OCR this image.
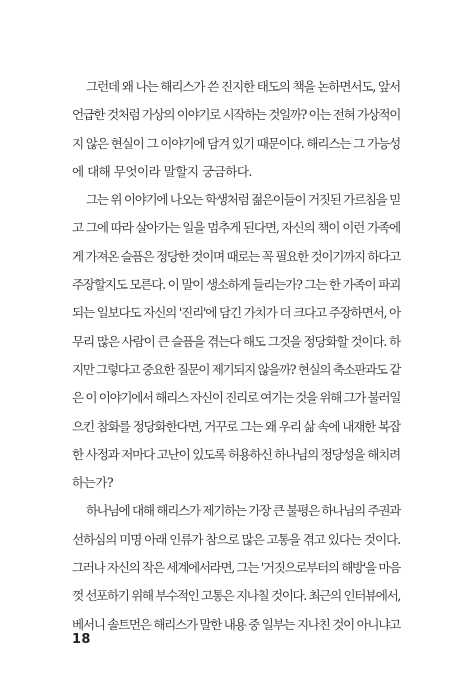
그런데 왜 나는 해리스가 쓴 진지한 태도의 책을 논하면서도, 앞서
언급한 것처럼 가상의 이야기로 시작하는 것일까? 이는 전혀 가상적이
지 않은 현실이 그 이야기에 담겨 있기 때문이다. 해리스는 그 가능성
에 대해 무엇이라 말할지 궁금하다.
그는 위 이야기에 나오는 학생처럼 젊은이들이 거짓된 가르침을 믿
고 그에 따라 살아가는 일을 멈추게 된다면, 자신의 책이 이런 가족에
게 가져온 슬픔은 정당한 것이며 때로는 꼭 필요한 것이기까지 하다고
주장할지도 모른다. 이 말이 생소하게 들리는가? 그는 한 가족이 파괴
되는 일보다도 자신의 '진리'에 담긴 가치가 더 크다고 주장하면서, 아
무리 많은 사람이 큰 슬픔을 겪는다 해도 그것을 정당화할 것이다. 하
지만 그렇다고 중요한 질문이 제기되지 않을까? 현실의 축소판과도 같
은 이 이야기에서 해리스 자신이 진리로 여기는 것을 위해 그가 불러일
으킨 참화를 정당화한다면, 거꾸로 그는 왜 우리 삶 속에 내재한 복잡
한 사정과 저마다 고난이 있도록 허용하신 하나님의 정당성을 해치려
하는가?
하나님에 대해 해리스가 제기하는 가장 큰 불평은 하나님의 주권과
선하심의 미명 아래 인류가 참으로 많은 고통을 겪고 있다는 것이다.
그러나 자신의 작은 세계에서라면, 그는 '거짓으로부터의 해방'을 마음
껏 선포하기 위해 부수적인 고통은 지나칠 것이다. 최근의 인터뷰에서,
베서니 솔트먼은 해리스가 말한 내용 중 일부는 지나친 것이 아니냐고
18
